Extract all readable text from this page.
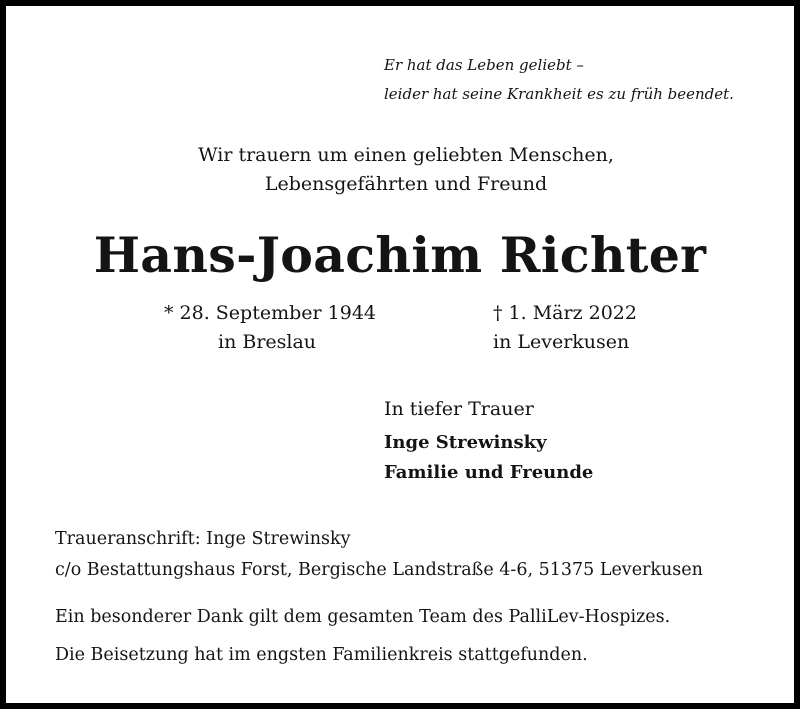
Er hat das Leben geliebt –
leider hat seine Krankheit es zu früh beendet.
Wir trauern um einen geliebten Menschen,
Lebensgefährten und Freund
Hans-Joachim Richter
* 28. September 1944
in Breslau
† 1. März 2022
in Leverkusen
In tiefer Trauer
Inge Strewinsky
Familie und Freunde
Traueranschrift: Inge Strewinsky
c/o Bestattungshaus Forst, Bergische Landstraße 4-6, 51375 Leverkusen
Ein besonderer Dank gilt dem gesamten Team des PalliLev-Hospizes.
Die Beisetzung hat im engsten Familienkreis stattgefunden.
